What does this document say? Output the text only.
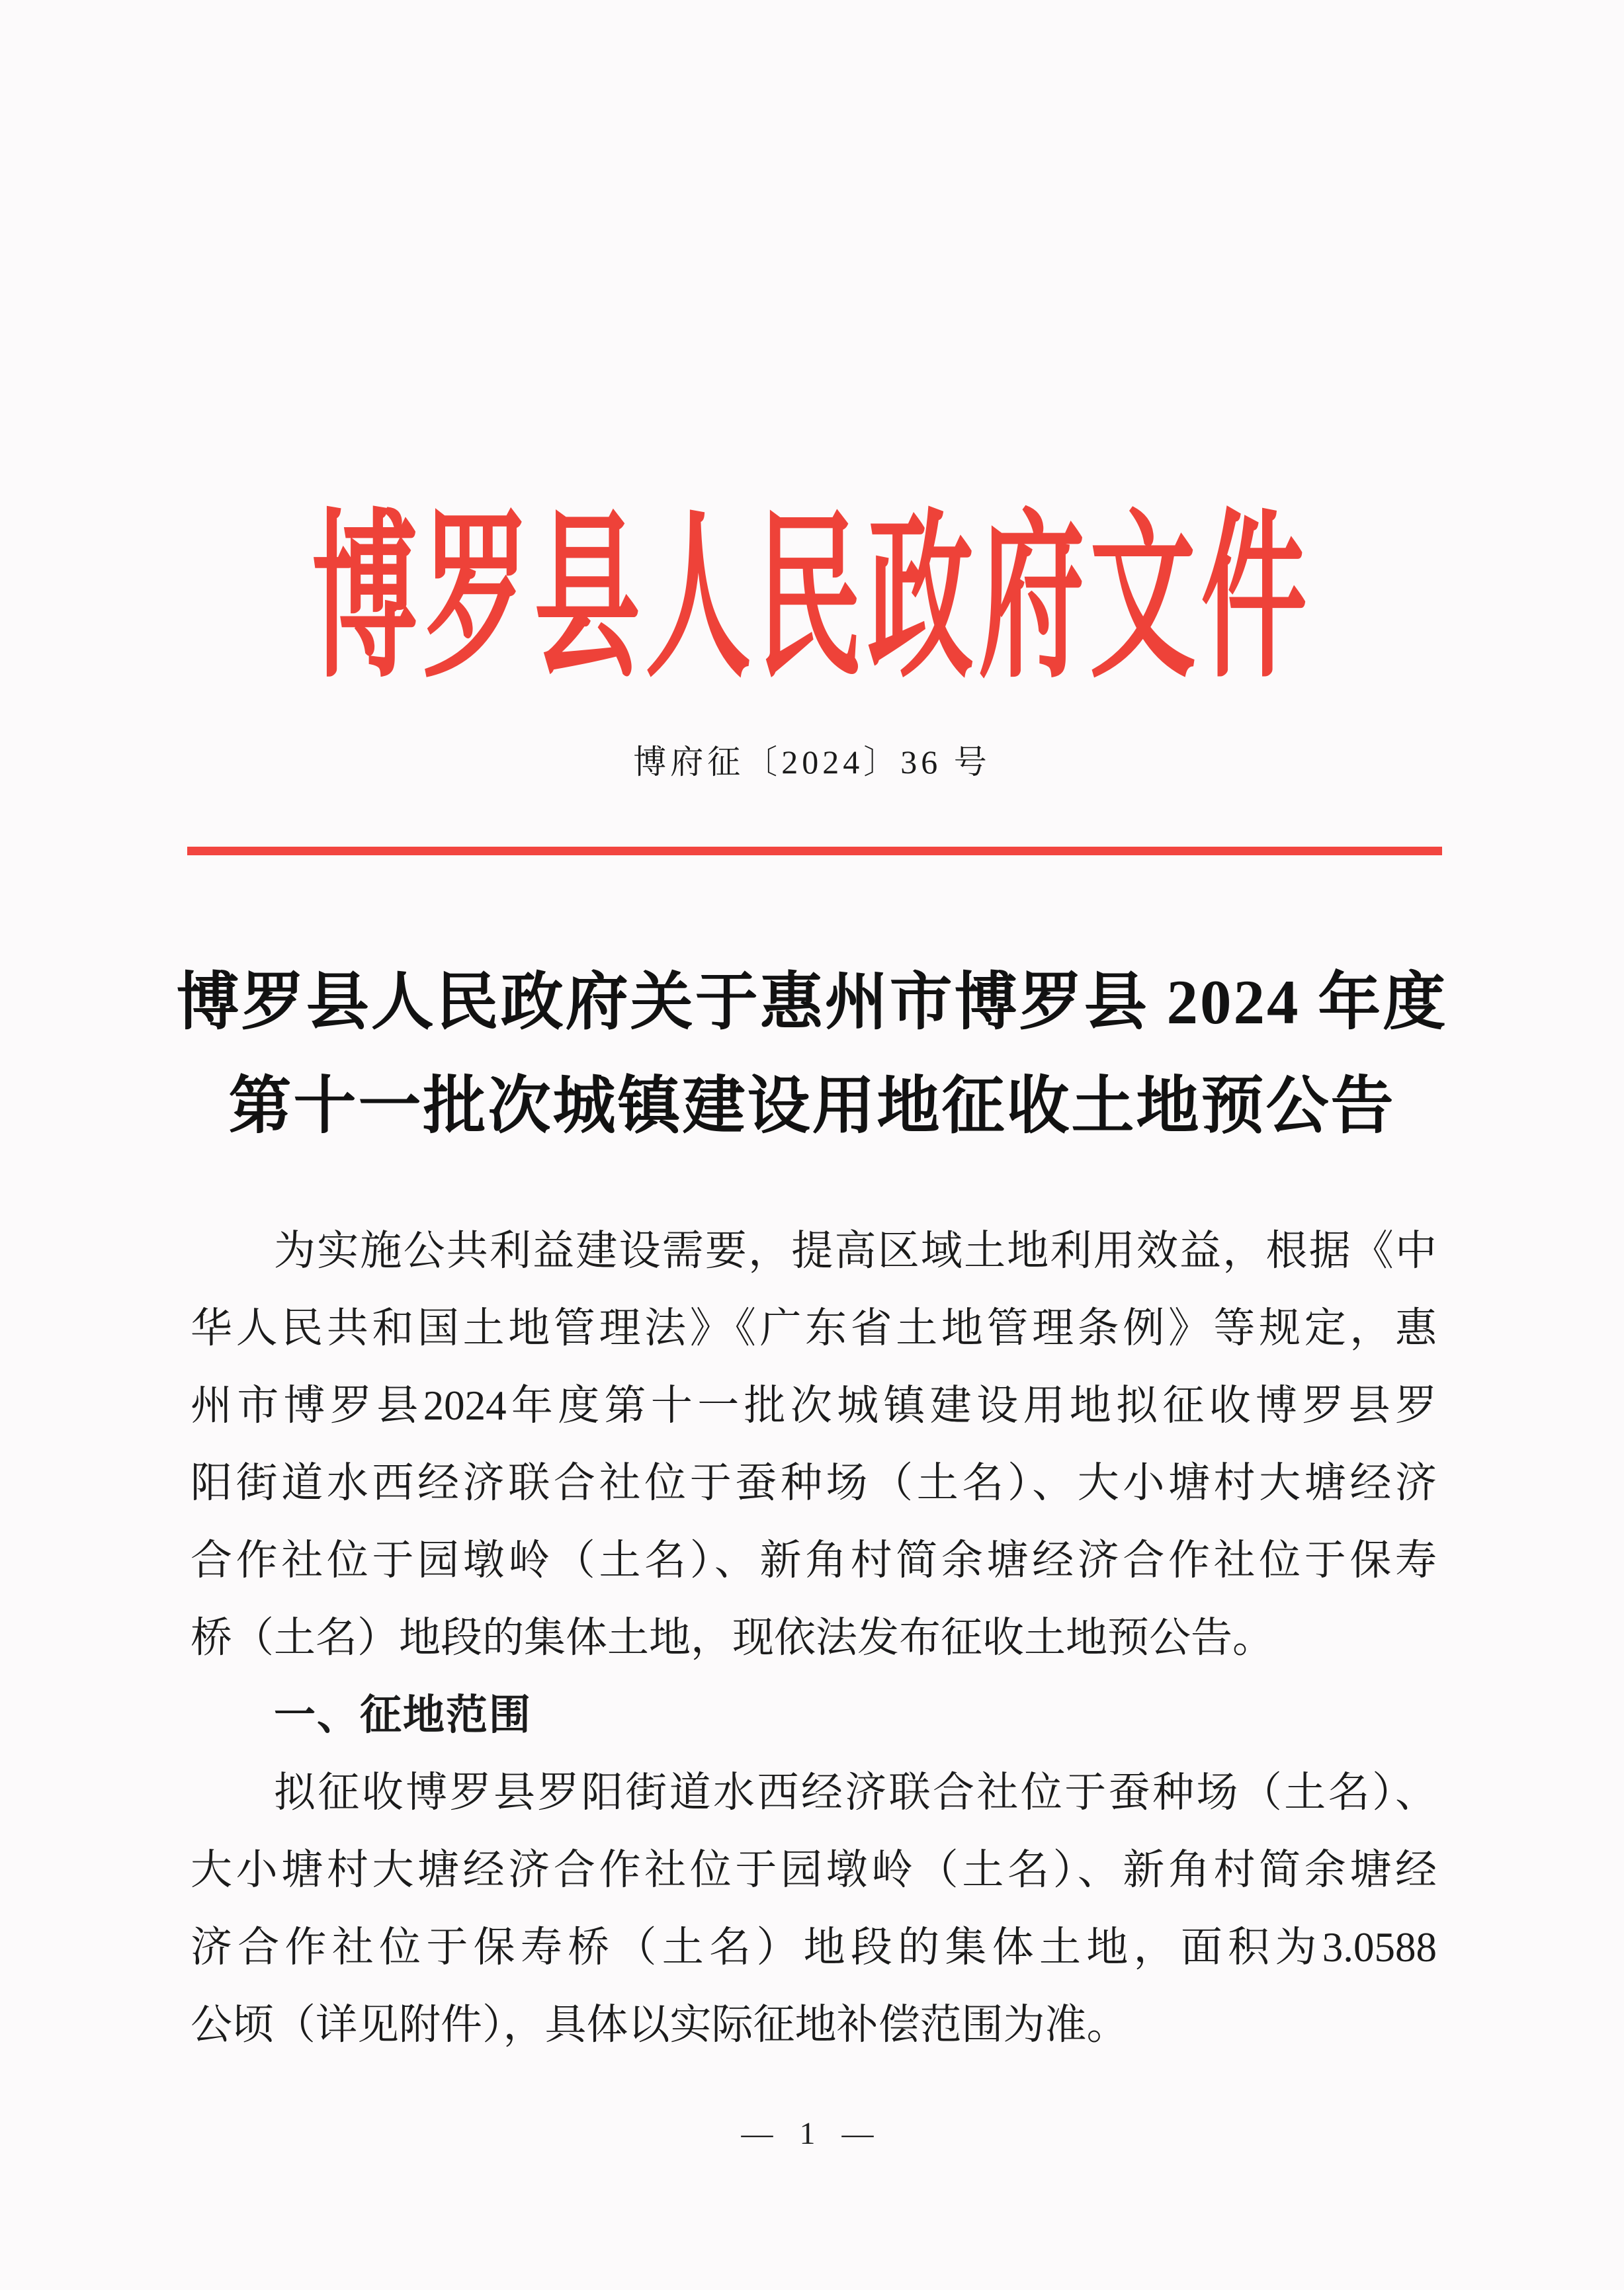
博罗县人民政府文件
博府征〔2024〕36 号
博罗县人民政府关于惠州市博罗县 2024 年度
第十一批次城镇建设用地征收土地预公告
为实施公共利益建设需要，提高区域土地利用效益，根据《中
华人民共和国土地管理法》《广东省土地管理条例》等规定，惠
州市博罗县2024年度第十一批次城镇建设用地拟征收博罗县罗
阳街道水西经济联合社位于蚕种场（土名）、大小塘村大塘经济
合作社位于园墩岭（土名）、新角村简余塘经济合作社位于保寿
桥（土名）地段的集体土地，现依法发布征收土地预公告。
一、征地范围
拟征收博罗县罗阳街道水西经济联合社位于蚕种场（土名）、
大小塘村大塘经济合作社位于园墩岭（土名）、新角村简余塘经
济合作社位于保寿桥（土名）地段的集体土地，面积为3.0588
公顷（详见附件），具体以实际征地补偿范围为准。
— 1 —
